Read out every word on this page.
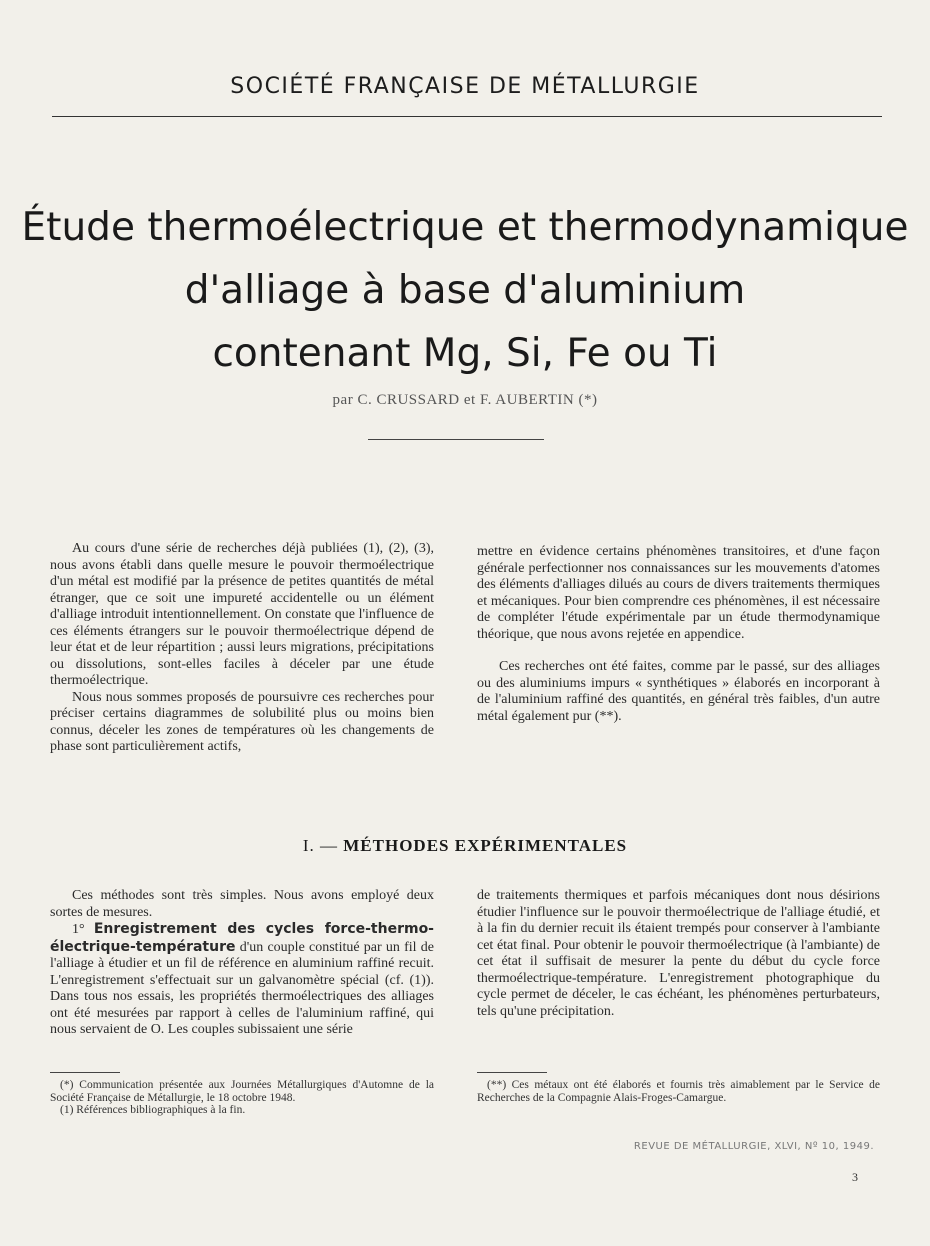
SOCIÉTÉ FRANÇAISE DE MÉTALLURGIE
Étude thermoélectrique et thermodynamique
d'alliage à base d'aluminium
contenant Mg, Si, Fe ou Ti
par C. CRUSSARD et F. AUBERTIN (*)

Au cours d'une série de recherches déjà publiées (1), (2), (3), nous avons établi dans quelle mesure le pouvoir thermoélectrique d'un métal est modifié par la présence de petites quantités de métal étranger, que ce soit une impureté accidentelle ou un élément d'alliage introduit intentionnellement. On constate que l'influence de ces éléments étrangers sur le pouvoir thermoélectrique dépend de leur état et de leur répartition ; aussi leurs migrations, précipitations ou dissolutions, sont-elles faciles à déceler par une étude thermoélectrique.

Nous nous sommes proposés de poursuivre ces recherches pour préciser certains diagrammes de solubilité plus ou moins bien connus, déceler les zones de températures où les changements de phase sont particulièrement actifs,

mettre en évidence certains phénomènes transitoires, et d'une façon générale perfectionner nos connaissances sur les mouvements d'atomes des éléments d'alliages dilués au cours de divers traitements thermiques et mécaniques. Pour bien comprendre ces phénomènes, il est nécessaire de compléter l'étude expérimentale par un étude thermodynamique théorique, que nous avons rejetée en appendice.

Ces recherches ont été faites, comme par le passé, sur des alliages ou des aluminiums impurs « synthétiques » élaborés en incorporant à de l'aluminium raffiné des quantités, en général très faibles, d'un autre métal également pur (**).

I. — MÉTHODES EXPÉRIMENTALES

Ces méthodes sont très simples. Nous avons employé deux sortes de mesures.

1° Enregistrement des cycles force-thermo-électrique-température d'un couple constitué par un fil de l'alliage à étudier et un fil de référence en aluminium raffiné recuit. L'enregistrement s'effectuait sur un galvanomètre spécial (cf. (1)). Dans tous nos essais, les propriétés thermoélectriques des alliages ont été mesurées par rapport à celles de l'aluminium raffiné, qui nous servaient de O. Les couples subissaient une série

de traitements thermiques et parfois mécaniques dont nous désirions étudier l'influence sur le pouvoir thermoélectrique de l'alliage étudié, et à la fin du dernier recuit ils étaient trempés pour conserver à l'ambiante cet état final. Pour obtenir le pouvoir thermoélectrique (à l'ambiante) de cet état il suffisait de mesurer la pente du début du cycle force thermoélectrique-température. L'enregistrement photographique du cycle permet de déceler, le cas échéant, les phénomènes perturbateurs, tels qu'une précipitation.

(*) Communication présentée aux Journées Métallurgiques d'Automne de la Société Française de Métallurgie, le 18 octobre 1948.
(1) Références bibliographiques à la fin.
(**) Ces métaux ont été élaborés et fournis très aimablement par le Service de Recherches de la Compagnie Alais-Froges-Camargue.
REVUE DE MÉTALLURGIE, XLVI, Nº 10, 1949.
3
